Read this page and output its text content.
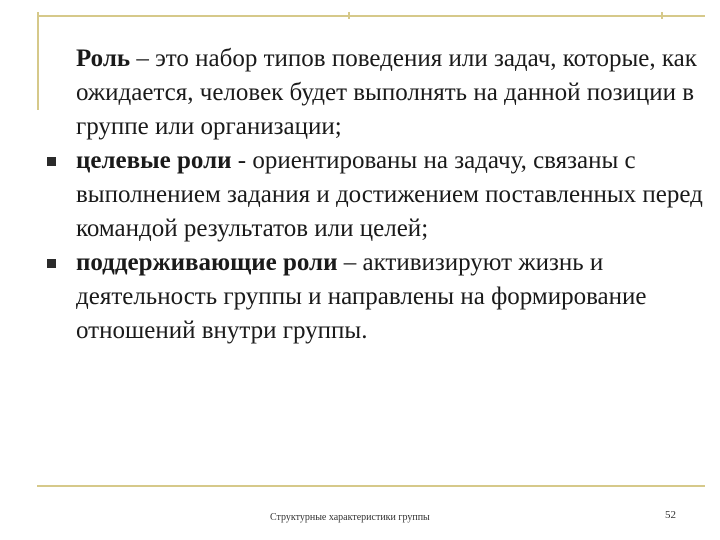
Роль – это набор типов поведения или задач, которые, как ожидается, человек будет выполнять на данной позиции в группе или организации;

целевые роли - ориентированы на задачу, связаны с выполнением задания и достижением поставленных перед командой результатов или целей;

поддерживающие роли – активизируют жизнь и деятельность группы и направлены на формирование отношений внутри группы.

Структурные характеристики группы	52
